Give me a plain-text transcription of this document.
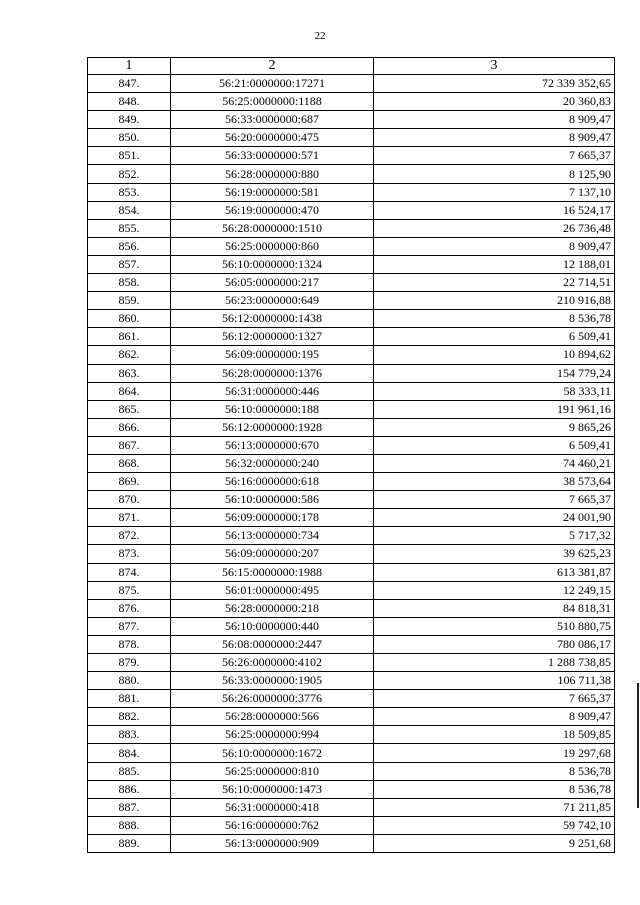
22
1	2	3
847.	56:21:0000000:17271	72 339 352,65
848.	56:25:0000000:1188	20 360,83
849.	56:33:0000000:687	8 909,47
850.	56:20:0000000:475	8 909,47
851.	56:33:0000000:571	7 665,37
852.	56:28:0000000:880	8 125,90
853.	56:19:0000000:581	7 137,10
854.	56:19:0000000:470	16 524,17
855.	56:28:0000000:1510	26 736,48
856.	56:25:0000000:860	8 909,47
857.	56:10:0000000:1324	12 188,01
858.	56:05:0000000:217	22 714,51
859.	56:23:0000000:649	210 916,88
860.	56:12:0000000:1438	8 536,78
861.	56:12:0000000:1327	6 509,41
862.	56:09:0000000:195	10 894,62
863.	56:28:0000000:1376	154 779,24
864.	56:31:0000000:446	58 333,11
865.	56:10:0000000:188	191 961,16
866.	56:12:0000000:1928	9 865,26
867.	56:13:0000000:670	6 509,41
868.	56:32:0000000:240	74 460,21
869.	56:16:0000000:618	38 573,64
870.	56:10:0000000:586	7 665,37
871.	56:09:0000000:178	24 001,90
872.	56:13:0000000:734	5 717,32
873.	56:09:0000000:207	39 625,23
874.	56:15:0000000:1988	613 381,87
875.	56:01:0000000:495	12 249,15
876.	56:28:0000000:218	84 818,31
877.	56:10:0000000:440	510 880,75
878.	56:08:0000000:2447	780 086,17
879.	56:26:0000000:4102	1 288 738,85
880.	56:33:0000000:1905	106 711,38
881.	56:26:0000000:3776	7 665,37
882.	56:28:0000000:566	8 909,47
883.	56:25:0000000:994	18 509,85
884.	56:10:0000000:1672	19 297,68
885.	56:25:0000000:810	8 536,78
886.	56:10:0000000:1473	8 536,78
887.	56:31:0000000:418	71 211,85
888.	56:16:0000000:762	59 742,10
889.	56:13:0000000:909	9 251,68
